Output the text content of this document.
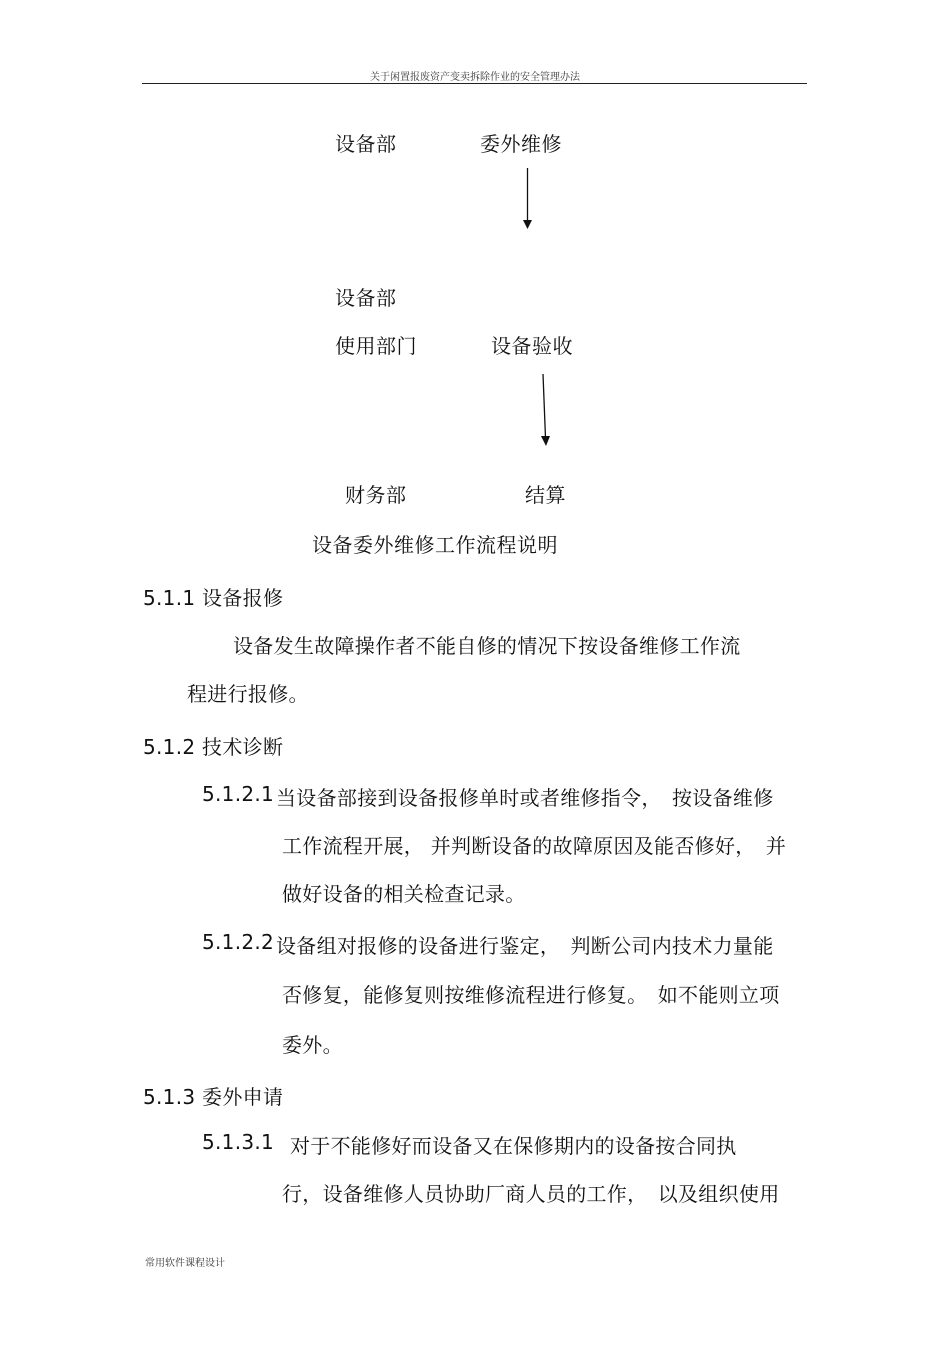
关于闲置报废资产变卖拆除作业的安全管理办法
设备部	委外维修
设备部
使用部门	设备验收
财务部	结算
设备委外维修工作流程说明
5.1.1 设备报修
设备发生故障操作者不能自修的情况下按设备维修工作流
程进行报修。
5.1.2 技术诊断
5.1.2.1 当设备部接到设备报修单时或者维修指令，　按设备维修
工作流程开展， 并判断设备的故障原因及能否修好，　并
做好设备的相关检查记录。
5.1.2.2 设备组对报修的设备进行鉴定，　判断公司内技术力量能
否修复，能修复则按维修流程进行修复。　如不能则立项
委外。
5.1.3 委外申请
5.1.3.1 对于不能修好而设备又在保修期内的设备按合同执
行，设备维修人员协助厂商人员的工作，　以及组织使用
常用软件课程设计
